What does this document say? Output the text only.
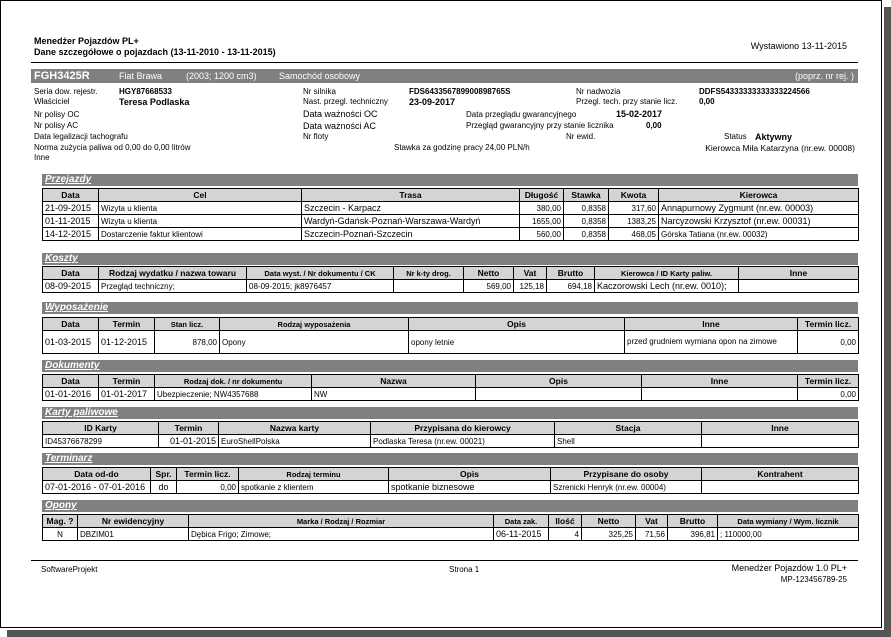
Menedżer Pojazdów PL+
Dane szczegółowe o pojazdach (13-11-2010 - 13-11-2015)
Wystawiono 13-11-2015
FGH3425R	Fiat Brawa	(2003; 1200 cm3) Samochód osobowy	(poprz. nr rej. )
Seria dow. rejestr.	HGY87668533	Nr silnika	FDS643356789900898765S	Nr nadwozia	DDFS54333333333333224566
Właściciel	Teresa Podlaska	Nast. przegl. techniczny 23-09-2017	Przegl. tech. przy stanie licz.	0,00
Nr polisy OC	Data ważności OC	Data przeglądu gwarancyjnego	15-02-2017
Nr polisy AC	Data ważności AC	Przegląd gwarancyjny przy stanie licznika	0,00
Data legalizacji tachografu	Nr floty	Nr ewid.	Status Aktywny
Norma zużycia paliwa od 0,00 do 0,00 litrów	Stawka za godzinę pracy 24,00 PLN/h	Kierowca Miła Katarzyna (nr.ew. 00008)
Inne
Przejazdy
Data	Cel	Trasa	Długość	Stawka	Kwota	Kierowca
21-09-2015	Wizyta u klienta	Szczecin - Karpacz	380,00	0,8358	317,60	Annapurnowy Zygmunt (nr.ew. 00003)
01-11-2015	Wizyta u klienta	Wardyń-Gdańsk-Poznań-Warszawa-Wardyń	1655,00	0,8358	1383,25	Narcyzowski Krzysztof (nr.ew. 00031)
14-12-2015	Dostarczenie faktur klientowi	Szczecin-Poznań-Szczecin	560,00	0,8358	468,05	Górska Tatiana (nr.ew. 00032)
Koszty
Data	Rodzaj wydatku / nazwa towaru	Data wyst. / Nr dokumentu / CK	Nr k-ty drog.	Netto	Vat	Brutto	Kierowca / ID Karty paliw.	Inne
08-09-2015	Przegląd techniczny;	08-09-2015; jk8976457		569,00	125,18	694,18	Kaczorowski Lech (nr.ew. 0010);	
Wyposażenie
Data	Termin	Stan licz.	Rodzaj wyposażenia	Opis	Inne	Termin licz.
01-03-2015	01-12-2015	878,00	Opony	opony letnie	przed grudniem wymiana opon na zimowe	0,00
Dokumenty
Data	Termin	Rodzaj dok. / nr dokumentu	Nazwa	Opis	Inne	Termin licz.
01-01-2016	01-01-2017	Ubezpieczenie; NW4357688	NW			0,00
Karty paliwowe
ID Karty	Termin	Nazwa karty	Przypisana do kierowcy	Stacja	Inne
ID45376678299	01-01-2015	EuroShellPolska	Podlaska Teresa (nr.ew. 00021)	Shell	
Terminarz
Data od-do	Spr.	Termin licz.	Rodzaj terminu	Opis	Przypisane do osoby	Kontrahent
07-01-2016 - 07-01-2016	do	0,00	spotkanie z klientem	spotkanie biznesowe	Szrenicki Henryk (nr.ew. 00004)	
Opony
Mag. ?	Nr ewidencyjny	Marka / Rodzaj / Rozmiar	Data zak.	Ilość	Netto	Vat	Brutto	Data wymiany / Wym. licznik
N	DBZIM01	Dębica Frigo; Zimowe;	06-11-2015	4	325,25	71,56	396,81	; 110000,00
SoftwareProjekt	Strona 1	Menedżer Pojazdów 1.0 PL+
MP-123456789-25
